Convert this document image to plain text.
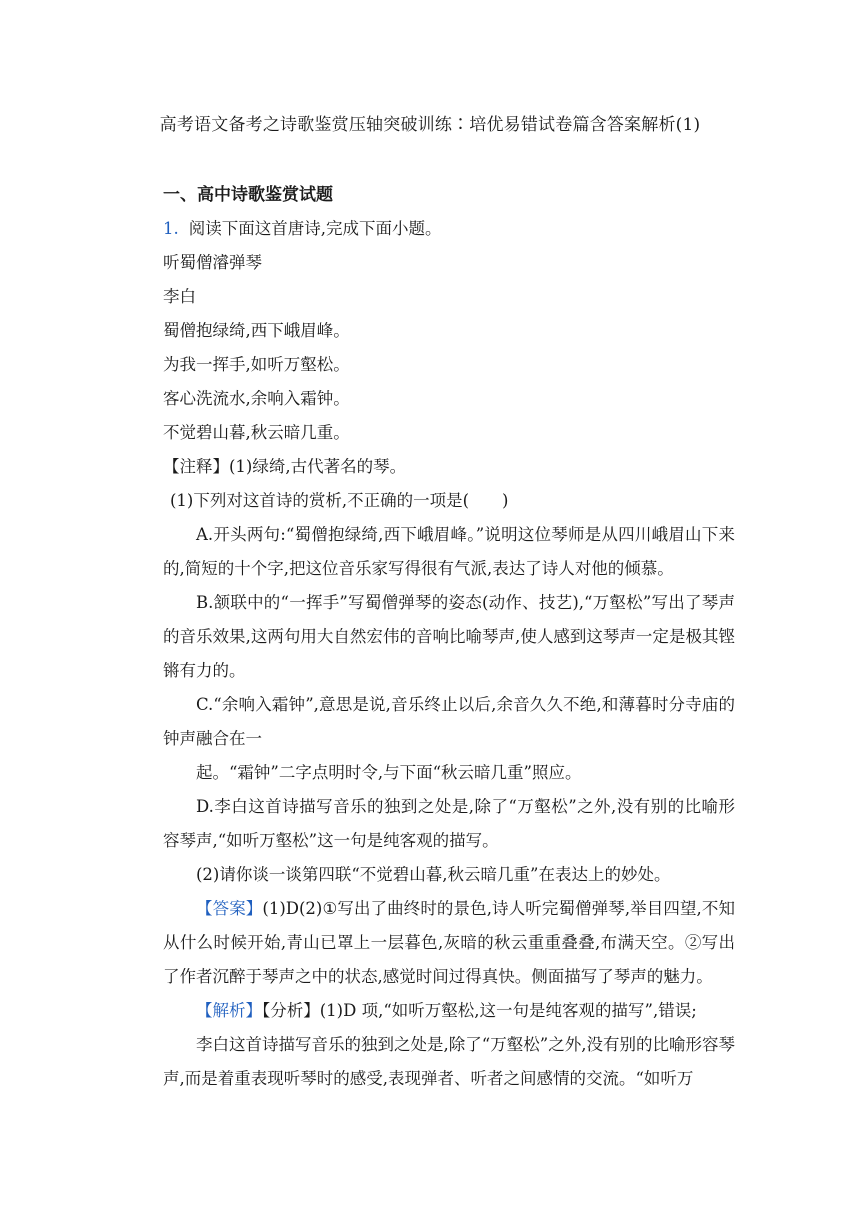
高考语文备考之诗歌鉴赏压轴突破训练∶培优易错试卷篇含答案解析(1)
一、高中诗歌鉴赏试题
1. 阅读下面这首唐诗,完成下面小题。
听蜀僧濬弹琴
李白
蜀僧抱绿绮,西下峨眉峰。
为我一挥手,如听万壑松。
客心洗流水,余响入霜钟。
不觉碧山暮,秋云暗几重。
【注释】(1)绿绮,古代著名的琴。
(1)下列对这首诗的赏析,不正确的一项是(　　)
A.开头两句:“蜀僧抱绿绮,西下峨眉峰。”说明这位琴师是从四川峨眉山下来的,简短的十个字,把这位音乐家写得很有气派,表达了诗人对他的倾慕。
B.颔联中的“一挥手”写蜀僧弹琴的姿态(动作、技艺),“万壑松”写出了琴声的音乐效果,这两句用大自然宏伟的音响比喻琴声,使人感到这琴声一定是极其铿锵有力的。
C.“余响入霜钟”,意思是说,音乐终止以后,余音久久不绝,和薄暮时分寺庙的钟声融合在一
起。“霜钟”二字点明时令,与下面“秋云暗几重”照应。
D.李白这首诗描写音乐的独到之处是,除了“万壑松”之外,没有别的比喻形容琴声,“如听万壑松”这一句是纯客观的描写。
(2)请你谈一谈第四联“不觉碧山暮,秋云暗几重”在表达上的妙处。
【答案】(1)D(2)①写出了曲终时的景色,诗人听完蜀僧弹琴,举目四望,不知从什么时候开始,青山已罩上一层暮色,灰暗的秋云重重叠叠,布满天空。②写出了作者沉醉于琴声之中的状态,感觉时间过得真快。侧面描写了琴声的魅力。
【解析】【分析】(1)D 项,“如听万壑松,这一句是纯客观的描写”,错误;
李白这首诗描写音乐的独到之处是,除了“万壑松”之外,没有别的比喻形容琴声,而是着重表现听琴时的感受,表现弹者、听者之间感情的交流。“如听万
